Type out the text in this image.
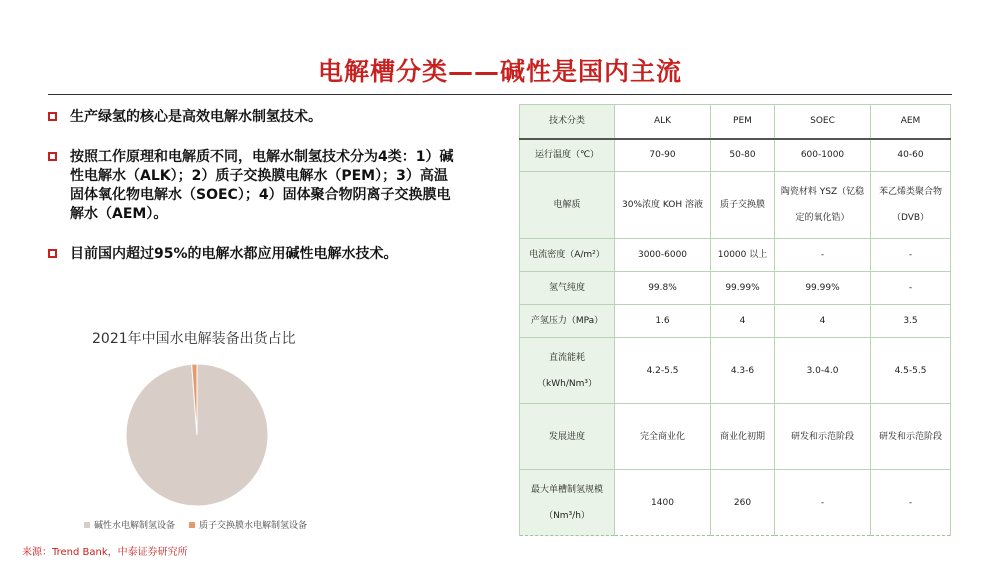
电解槽分类——碱性是国内主流
生产绿氢的核心是高效电解水制氢技术。
按照工作原理和电解质不同，电解水制氢技术分为4类：1）碱性电解水（ALK）；2）质子交换膜电解水（PEM）；3）高温固体氧化物电解水（SOEC）；4）固体聚合物阴离子交换膜电解水（AEM）。
目前国内超过95%的电解水都应用碱性电解水技术。
2021年中国水电解装备出货占比
碱性水电解制氢设备	质子交换膜水电解制氢设备
技术分类	ALK	PEM	SOEC	AEM
运行温度（℃）	70-90	50-80	600-1000	40-60
电解质	30%浓度 KOH 溶液	质子交换膜	陶瓷材料 YSZ（钇稳定的氧化锆）	苯乙烯类聚合物（DVB）
电流密度（A/m²）	3000-6000	10000 以上	-	-
氢气纯度	99.8%	99.99%	99.99%	-
产氢压力（MPa）	1.6	4	4	3.5
直流能耗（kWh/Nm³）	4.2-5.5	4.3-6	3.0-4.0	4.5-5.5
发展进度	完全商业化	商业化初期	研发和示范阶段	研发和示范阶段
最大单槽制氢规模（Nm³/h）	1400	260	-	-
来源：Trend Bank，中泰证券研究所
